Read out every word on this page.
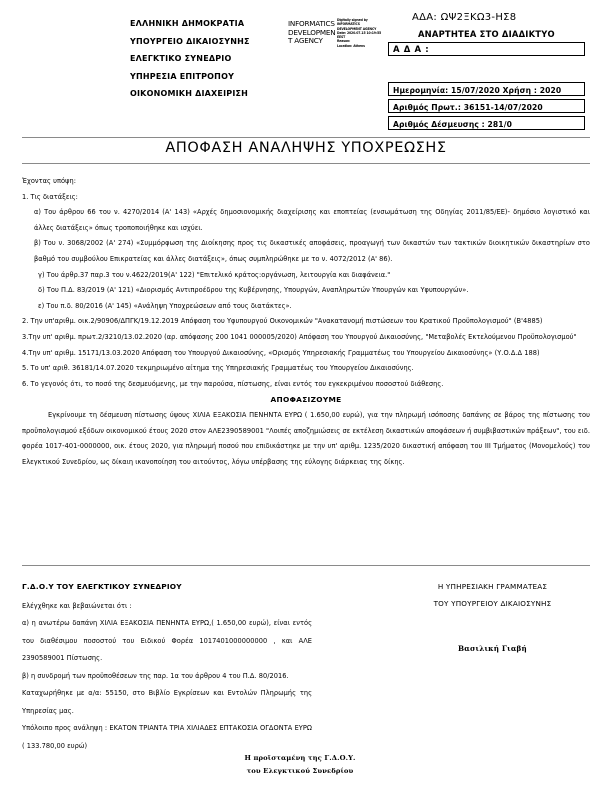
ΕΛΛΗΝΙΚΗ ΔΗΜΟΚΡΑΤΙΑ
ΥΠΟΥΡΓΕΙΟ ΔΙΚΑΙΟΣΥΝΗΣ
ΕΛΕΓΚΤΙΚΟ ΣΥΝΕΔΡΙΟ
ΥΠΗΡΕΣΙΑ ΕΠΙΤΡΟΠΟΥ
ΟΙΚΟΝΟΜΙΚΗ ΔΙΑΧΕΙΡΙΣΗ
INFORMATICS
DEVELOPMEN
T AGENCY
Digitally signed by
INFORMATICS
DEVELOPMENT AGENCY
Date: 2020.07.15 10:19:55
EEST
Reason:
Location: Athens
ΑΔΑ: ΩΨ2ΞΚΩ3-ΗΣ8
ΑΝΑΡΤΗΤΕΑ ΣΤΟ ΔΙΑΔΙΚΤΥΟ
Α Δ Α :
Ημερομηνία: 15/07/2020 Χρήση : 2020
Αριθμός Πρωτ.: 36151-14/07/2020
Αριθμός Δέσμευσης : 281/0
ΑΠΟΦΑΣΗ ΑΝΑΛΗΨΗΣ ΥΠΟΧΡΕΩΣΗΣ

Έχοντας υπόψη:

1. Τις διατάξεις:

α) Του άρθρου 66 του ν. 4270/2014 (Α' 143) «Αρχές δημοσιονομικής διαχείρισης και εποπτείας (ενσωμάτωση της Οδηγίας 2011/85/ΕΕ)- δημόσιο λογιστικό και άλλες διατάξεις» όπως τροποποιήθηκε και ισχύει.

β) Του ν. 3068/2002 (Α' 274) «Συμμόρφωση της Διοίκησης προς τις δικαστικές αποφάσεις, προαγωγή των δικαστών των τακτικών διοικητικών δικαστηρίων στο βαθμό του συμβούλου Επικρατείας και άλλες διατάξεις», όπως συμπληρώθηκε με το ν. 4072/2012 (Α' 86).

γ) Του άρθρ.37 παρ.3 του ν.4622/2019(Α' 122) "Επιτελικό κράτος:οργάνωση, λειτουργία και διαφάνεια."

δ) Του Π.Δ. 83/2019 (Α' 121) «Διορισμός Αντιπροέδρου της Κυβέρνησης, Υπουργών, Αναπληρωτών Υπουργών και Υφυπουργών».

ε) Του π.δ. 80/2016 (Α' 145) «Ανάληψη Υποχρεώσεων από τους διατάκτες».

2. Την υπ'αριθμ. οικ.2/90906/ΔΠΓΚ/19.12.2019 Απόφαση του Υφυπουργού Οικονομικών "Ανακατανομή πιστώσεων του Κρατικού Προϋπολογισμού" (Β'4885)

3.Την υπ' αριθμ. πρωτ.2/3210/13.02.2020 (αρ. απόφασης 200 1041 000005/2020) Απόφαση του Υπουργού Δικαιοσύνης, "Μεταβολές Εκτελούμενου Προϋπολογισμού"

4.Την υπ' αριθμ. 15171/13.03.2020 Απόφαση του Υπουργού Δικαιοσύνης, «Ορισμός Υπηρεσιακής Γραμματέως του Υπουργείου Δικαιοσύνης» (Υ.Ο.Δ.Δ 188)

5. Το υπ' αριθ. 36181/14.07.2020 τεκμηριωμένο αίτημα της Υπηρεσιακής Γραμματέως του Υπουργείου Δικαιοσύνης.

6. Το γεγονός ότι, το ποσό της δεσμευόμενης, με την παρούσα, πίστωσης, είναι εντός του εγκεκριμένου ποσοστού διάθεσης.

ΑΠΟΦΑΣΙΖΟΥΜΕ

Εγκρίνουμε τη δέσμευση πίστωσης ύψους ΧΙΛΙΑ ΕΞΑΚΟΣΙΑ ΠΕΝΗΝΤΑ ΕΥΡΩ ( 1.650,00 ευρώ), για την πληρωμή ισόποσης δαπάνης σε βάρος της πίστωσης του προϋπολογισμού εξόδων οικονομικού έτους 2020 στον ΑΛΕ2390589001 "Λοιπές αποζημιώσεις σε εκτέλεση δικαστικών αποφάσεων ή συμβιβαστικών πράξεων", του ειδ. φορέα 1017-401-0000000, οικ. έτους 2020, για πληρωμή ποσού που επιδικάστηκε με την υπ' αριθμ. 1235/2020 δικαστική απόφαση του ΙΙΙ Τμήματος (Μονομελούς) του Ελεγκτικού Συνεδρίου, ως δίκαιη ικανοποίηση του αιτούντος, λόγω υπέρβασης της εύλογης διάρκειας της δίκης.

Γ.Δ.Ο.Υ ΤΟΥ ΕΛΕΓΚΤΙΚΟΥ ΣΥΝΕΔΡΙΟΥ

Ελέγχθηκε και βεβαιώνεται ότι :

α) η ανωτέρω δαπάνη ΧΙΛΙΑ ΕΞΑΚΟΣΙΑ ΠΕΝΗΝΤΑ ΕΥΡΩ,( 1.650,00 ευρώ), είναι εντός του διαθέσιμου ποσοστού του Ειδικού Φορέα 1017401000000000 , και ΑΛΕ 2390589001 Πίστωσης.

β) η συνδρομή των προϋποθέσεων της παρ. 1α του άρθρου 4 του Π.Δ. 80/2016.

Καταχωρήθηκε με α/α: 55150, στο Βιβλίο Εγκρίσεων και Εντολών Πληρωμής της Υπηρεσίας μας.

Υπόλοιπο προς ανάληψη : ΕΚΑΤΟΝ ΤΡΙΑΝΤΑ ΤΡΙΑ ΧΙΛΙΑΔΕΣ ΕΠΤΑΚΟΣΙΑ ΟΓΔΟΝΤΑ ΕΥΡΩ ( 133.780,00 ευρώ)

Η ΥΠΗΡΕΣΙΑΚΗ ΓΡΑΜΜΑΤΕΑΣ
ΤΟΥ ΥΠΟΥΡΓΕΙΟΥ ΔΙΚΑΙΟΣΥΝΗΣ
Βασιλική Γιαβή
Η προϊσταμένη της Γ.Δ.Ο.Υ.
του Ελεγκτικού Συνεδρίου
